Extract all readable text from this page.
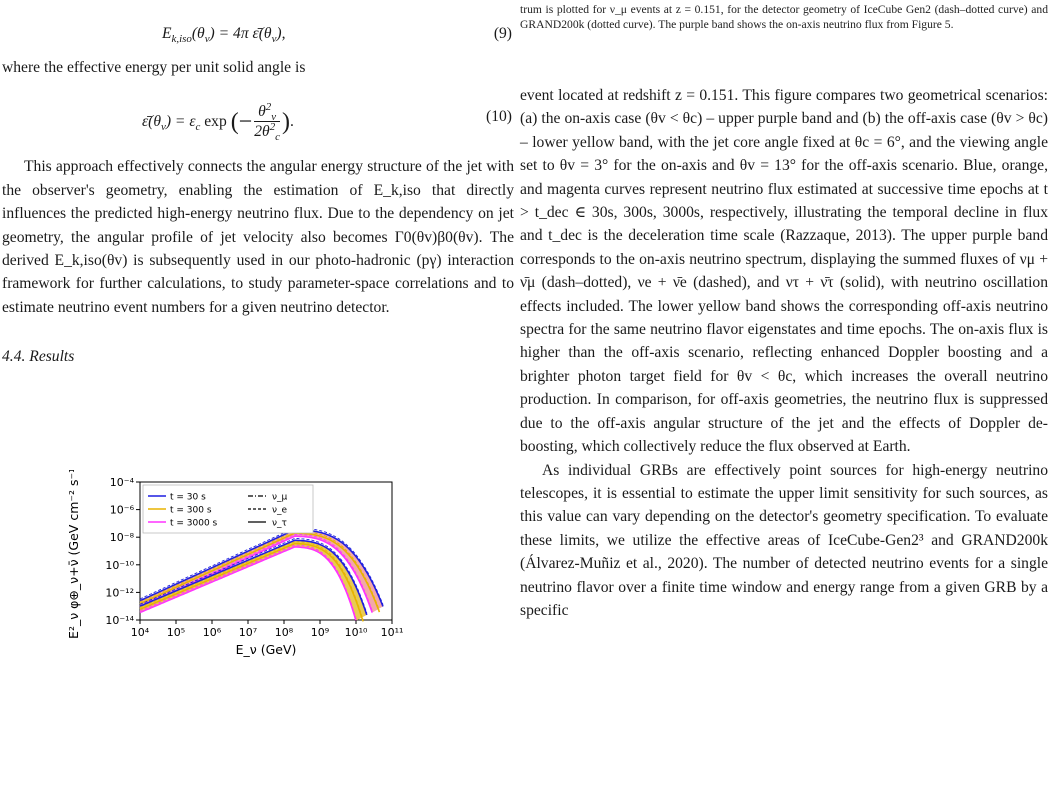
$E_{k,iso}(\theta_v) = 4\pi$ $\varepsilon̄(\theta_v)$,	(9)

where the effective energy per unit solid angle is

$\varepsilon̄(\theta_v) = \varepsilon_c$ exp (− $\frac{\theta^2_v}{2\theta^2_c}$ ).	(10)

This approach effectively connects the angular energy structure of the jet with the observer's geometry, enabling the estimation of E_k,iso that directly influences the predicted high-energy neutrino flux. Due to the dependency on jet geometry, the angular profile of jet velocity also becomes Γ0(θv)β0(θv). The derived E_k,iso(θv) is subsequently used in our photo-hadronic (pγ) interaction framework for further calculations, to study parameter-space correlations and to estimate neutrino event numbers for a given neutrino detector.

4.4. Results

10⁴ 10⁵ 10⁶ 10⁷ 10⁸ 10⁹ 10¹⁰ 10¹¹
10⁻¹⁴
10⁻¹²
10⁻¹⁰
10⁻⁸
10⁻⁶
10⁻⁴
E_ν (GeV)
E²_ν φ⊕_ν+ν̄ (GeV cm⁻² s⁻¹)	t = 30 s
t = 300 s
t = 3000 s
ν_μ
ν_e
ν_τ

trum is plotted for ν_μ events at z = 0.151, for the detector geometry of IceCube Gen2 (dash–dotted curve) and GRAND200k (dotted curve). The purple band shows the on-axis neutrino flux from Figure 5.

event located at redshift z = 0.151. This figure compares two geometrical scenarios: (a) the on-axis case (θv < θc) – upper purple band and (b) the off-axis case (θv > θc) – lower yellow band, with the jet core angle fixed at θc = 6°, and the viewing angle set to θv = 3° for the on-axis and θv = 13° for the off-axis scenario. Blue, orange, and magenta curves represent neutrino flux estimated at successive time epochs at t > t_dec ∈ 30s, 300s, 3000s, respectively, illustrating the temporal decline in flux and t_dec is the deceleration time scale (Razzaque, 2013). The upper purple band corresponds to the on-axis neutrino spectrum, displaying the summed fluxes of νμ + ν̄μ (dash–dotted), νe + ν̄e (dashed), and ντ + ν̄τ (solid), with neutrino oscillation effects included. The lower yellow band shows the corresponding off-axis neutrino spectra for the same neutrino flavor eigenstates and time epochs. The on-axis flux is higher than the off-axis scenario, reflecting enhanced Doppler boosting and a brighter photon target field for θv < θc, which increases the overall neutrino production. In comparison, for off-axis geometries, the neutrino flux is suppressed due to the off-axis angular structure of the jet and the effects of Doppler de-boosting, which collectively reduce the flux observed at Earth.

As individual GRBs are effectively point sources for high-energy neutrino telescopes, it is essential to estimate the upper limit sensitivity for such sources, as this value can vary depending on the detector's geometry specification. To evaluate these limits, we utilize the effective areas of IceCube-Gen2³ and GRAND200k (Álvarez-Muñiz et al., 2020). The number of detected neutrino events for a single neutrino flavor over a finite time window and energy range from a given GRB by a specific
